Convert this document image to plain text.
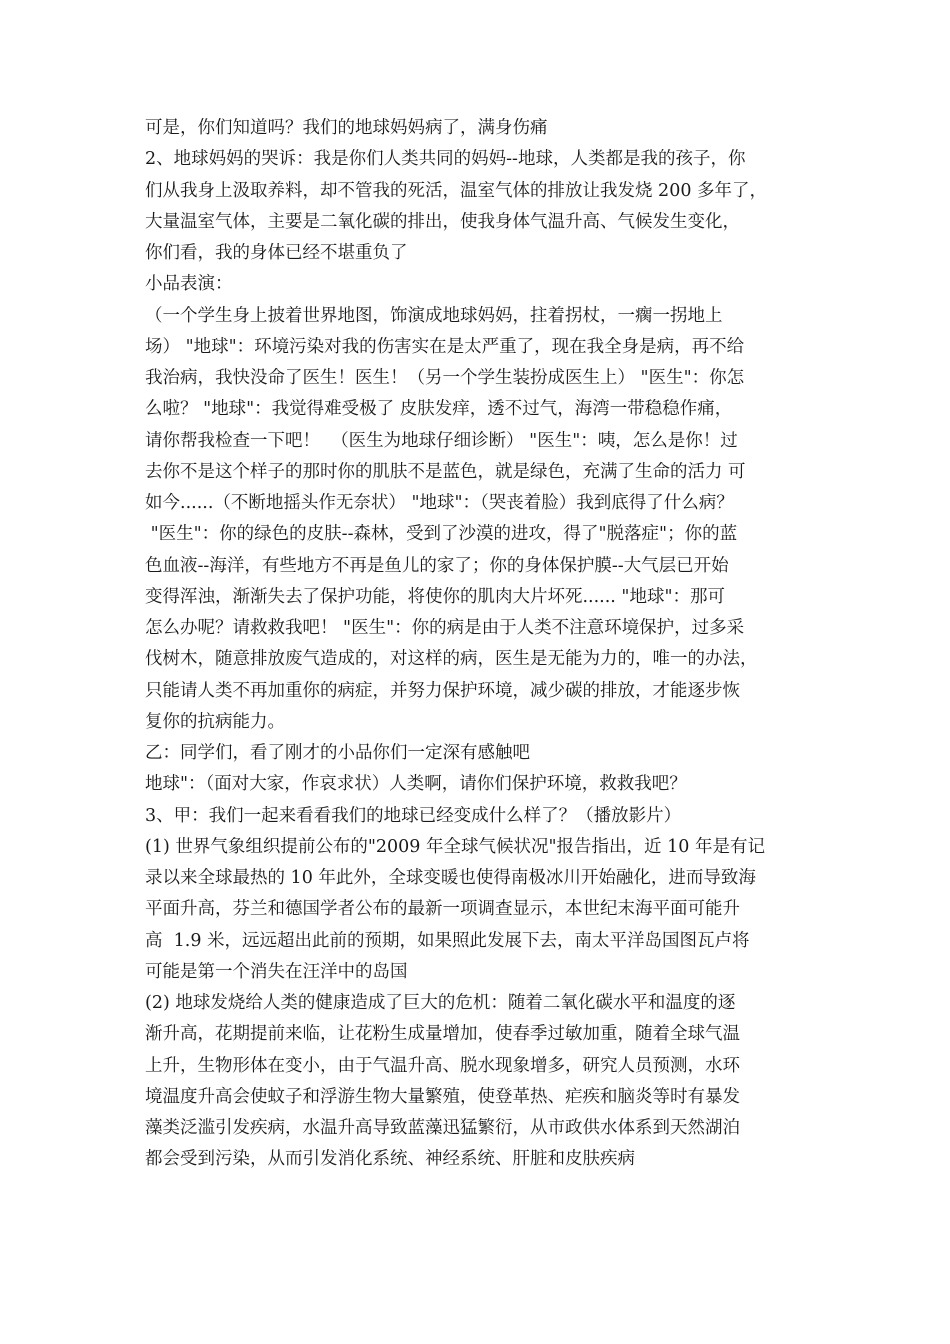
可是，你们知道吗？我们的地球妈妈病了，满身伤痛
2、地球妈妈的哭诉：我是你们人类共同的妈妈--地球，人类都是我的孩子，你
们从我身上汲取养料，却不管我的死活，温室气体的排放让我发烧 200 多年了，
大量温室气体，主要是二氧化碳的排出，使我身体气温升高、气候发生变化，
你们看，我的身体已经不堪重负了
小品表演：
（一个学生身上披着世界地图，饰演成地球妈妈，拄着拐杖，一瘸一拐地上
场） "地球"：环境污染对我的伤害实在是太严重了，现在我全身是病，再不给
我治病，我快没命了医生！医生！（另一个学生装扮成医生上） "医生"：你怎
么啦？ "地球"：我觉得难受极了 皮肤发痒，透不过气，海湾一带稳稳作痛，
请你帮我检查一下吧！  （医生为地球仔细诊断） "医生"：咦，怎么是你！过
去你不是这个样子的那时你的肌肤不是蓝色，就是绿色，充满了生命的活力 可
如今......（不断地摇头作无奈状） "地球"：（哭丧着脸）我到底得了什么病？
"医生"：你的绿色的皮肤--森林，受到了沙漠的进攻，得了"脱落症"；你的蓝
色血液--海洋，有些地方不再是鱼儿的家了；你的身体保护膜--大气层已开始
变得浑浊，渐渐失去了保护功能，将使你的肌肉大片坏死...... "地球"：那可
怎么办呢？请救救我吧！ "医生"：你的病是由于人类不注意环境保护，过多采
伐树木，随意排放废气造成的，对这样的病，医生是无能为力的，唯一的办法，
只能请人类不再加重你的病症，并努力保护环境，减少碳的排放，才能逐步恢
复你的抗病能力。
乙：同学们，看了刚才的小品你们一定深有感触吧
地球"：（面对大家，作哀求状）人类啊，请你们保护环境，救救我吧？
3、甲：我们一起来看看我们的地球已经变成什么样了？（播放影片）
(1) 世界气象组织提前公布的"2009 年全球气候状况"报告指出，近 10 年是有记
录以来全球最热的 10 年此外，全球变暖也使得南极冰川开始融化，进而导致海
平面升高，芬兰和德国学者公布的最新一项调查显示，本世纪末海平面可能升
高  1.9 米，远远超出此前的预期，如果照此发展下去，南太平洋岛国图瓦卢将
可能是第一个消失在汪洋中的岛国
(2) 地球发烧给人类的健康造成了巨大的危机：随着二氧化碳水平和温度的逐
渐升高，花期提前来临，让花粉生成量增加，使春季过敏加重，随着全球气温
上升，生物形体在变小，由于气温升高、脱水现象增多，研究人员预测，水环
境温度升高会使蚊子和浮游生物大量繁殖，使登革热、疟疾和脑炎等时有暴发
藻类泛滥引发疾病，水温升高导致蓝藻迅猛繁衍，从市政供水体系到天然湖泊
都会受到污染，从而引发消化系统、神经系统、肝脏和皮肤疾病
